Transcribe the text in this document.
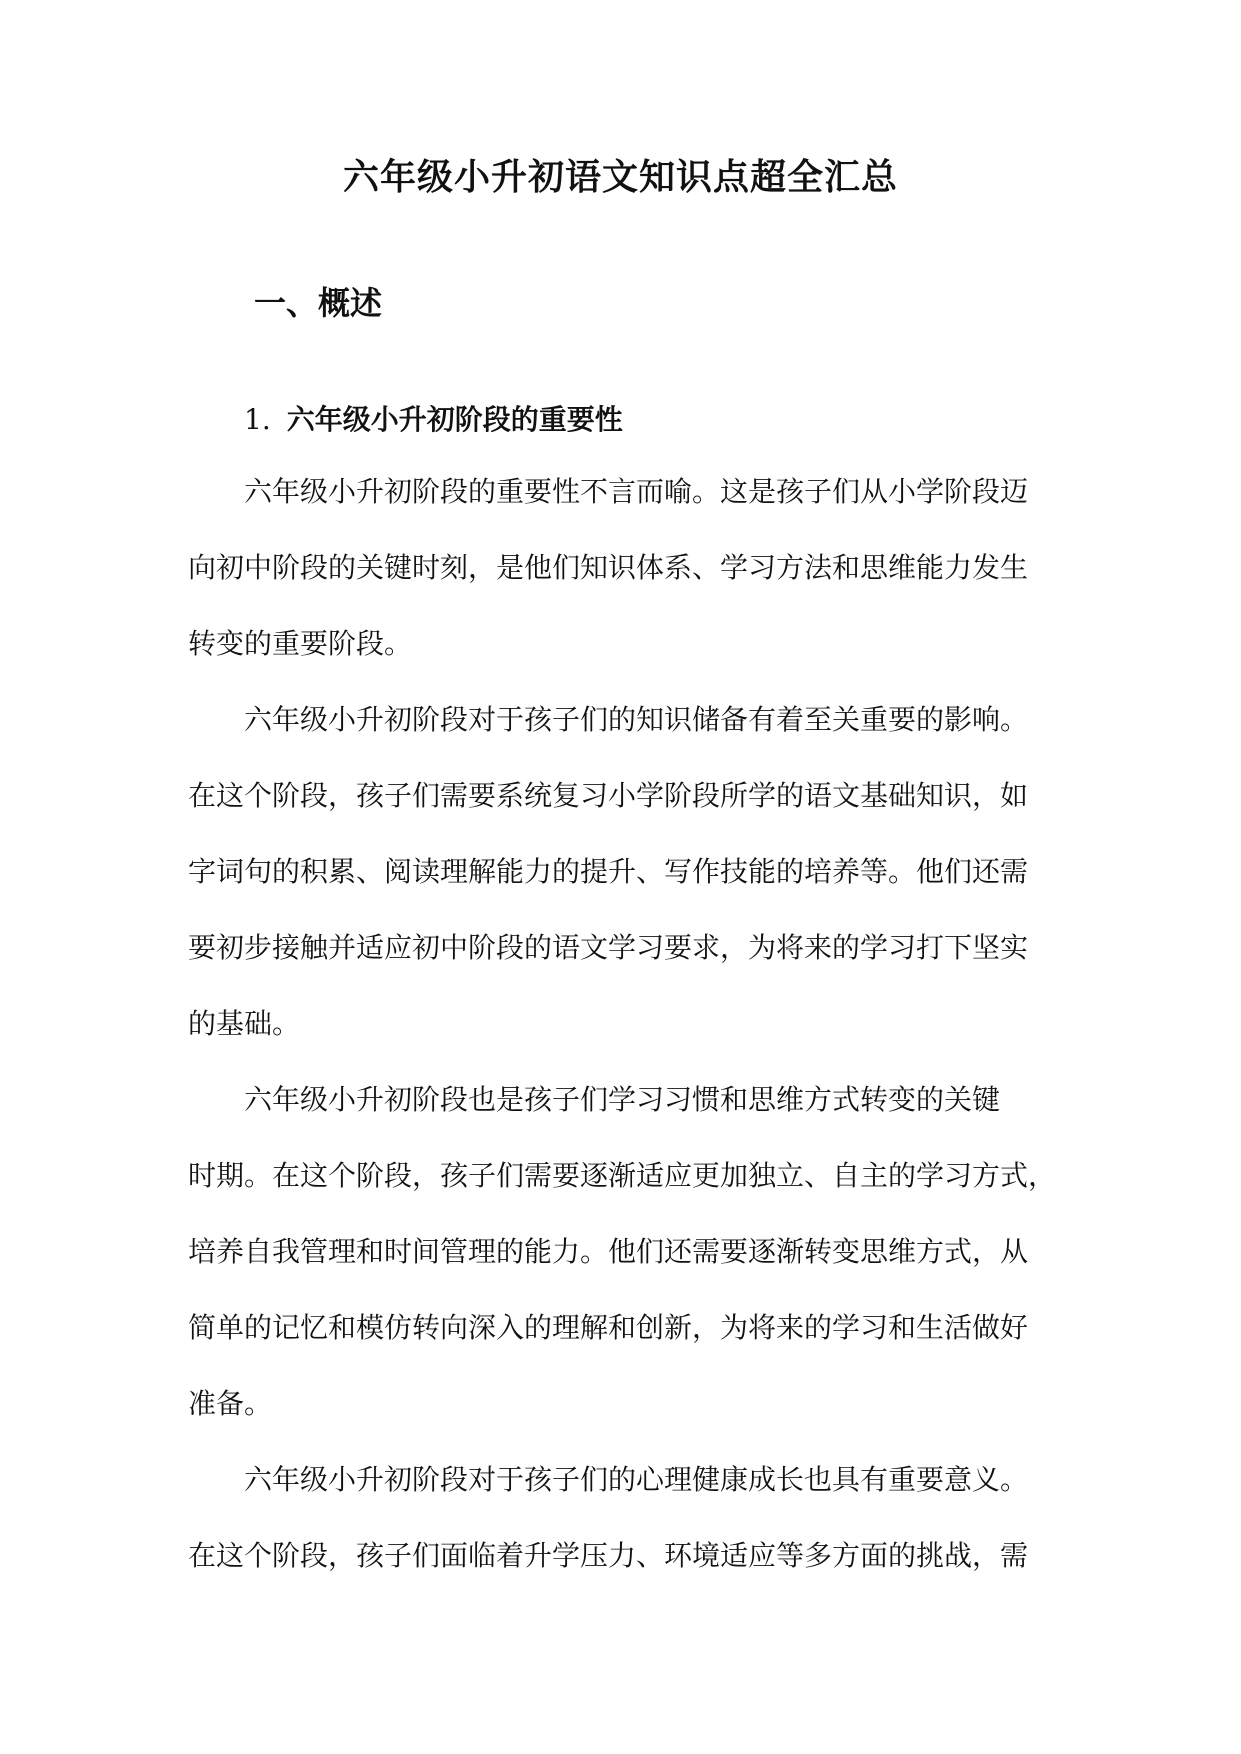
六年级小升初语文知识点超全汇总
一、概述
1. 六年级小升初阶段的重要性
六年级小升初阶段的重要性不言而喻。这是孩子们从小学阶段迈
向初中阶段的关键时刻，是他们知识体系、学习方法和思维能力发生
转变的重要阶段。
六年级小升初阶段对于孩子们的知识储备有着至关重要的影响。
在这个阶段，孩子们需要系统复习小学阶段所学的语文基础知识，如
字词句的积累、阅读理解能力的提升、写作技能的培养等。他们还需
要初步接触并适应初中阶段的语文学习要求，为将来的学习打下坚实
的基础。
六年级小升初阶段也是孩子们学习习惯和思维方式转变的关键
时期。在这个阶段，孩子们需要逐渐适应更加独立、自主的学习方式，
培养自我管理和时间管理的能力。他们还需要逐渐转变思维方式，从
简单的记忆和模仿转向深入的理解和创新，为将来的学习和生活做好
准备。
六年级小升初阶段对于孩子们的心理健康成长也具有重要意义。
在这个阶段，孩子们面临着升学压力、环境适应等多方面的挑战，需
